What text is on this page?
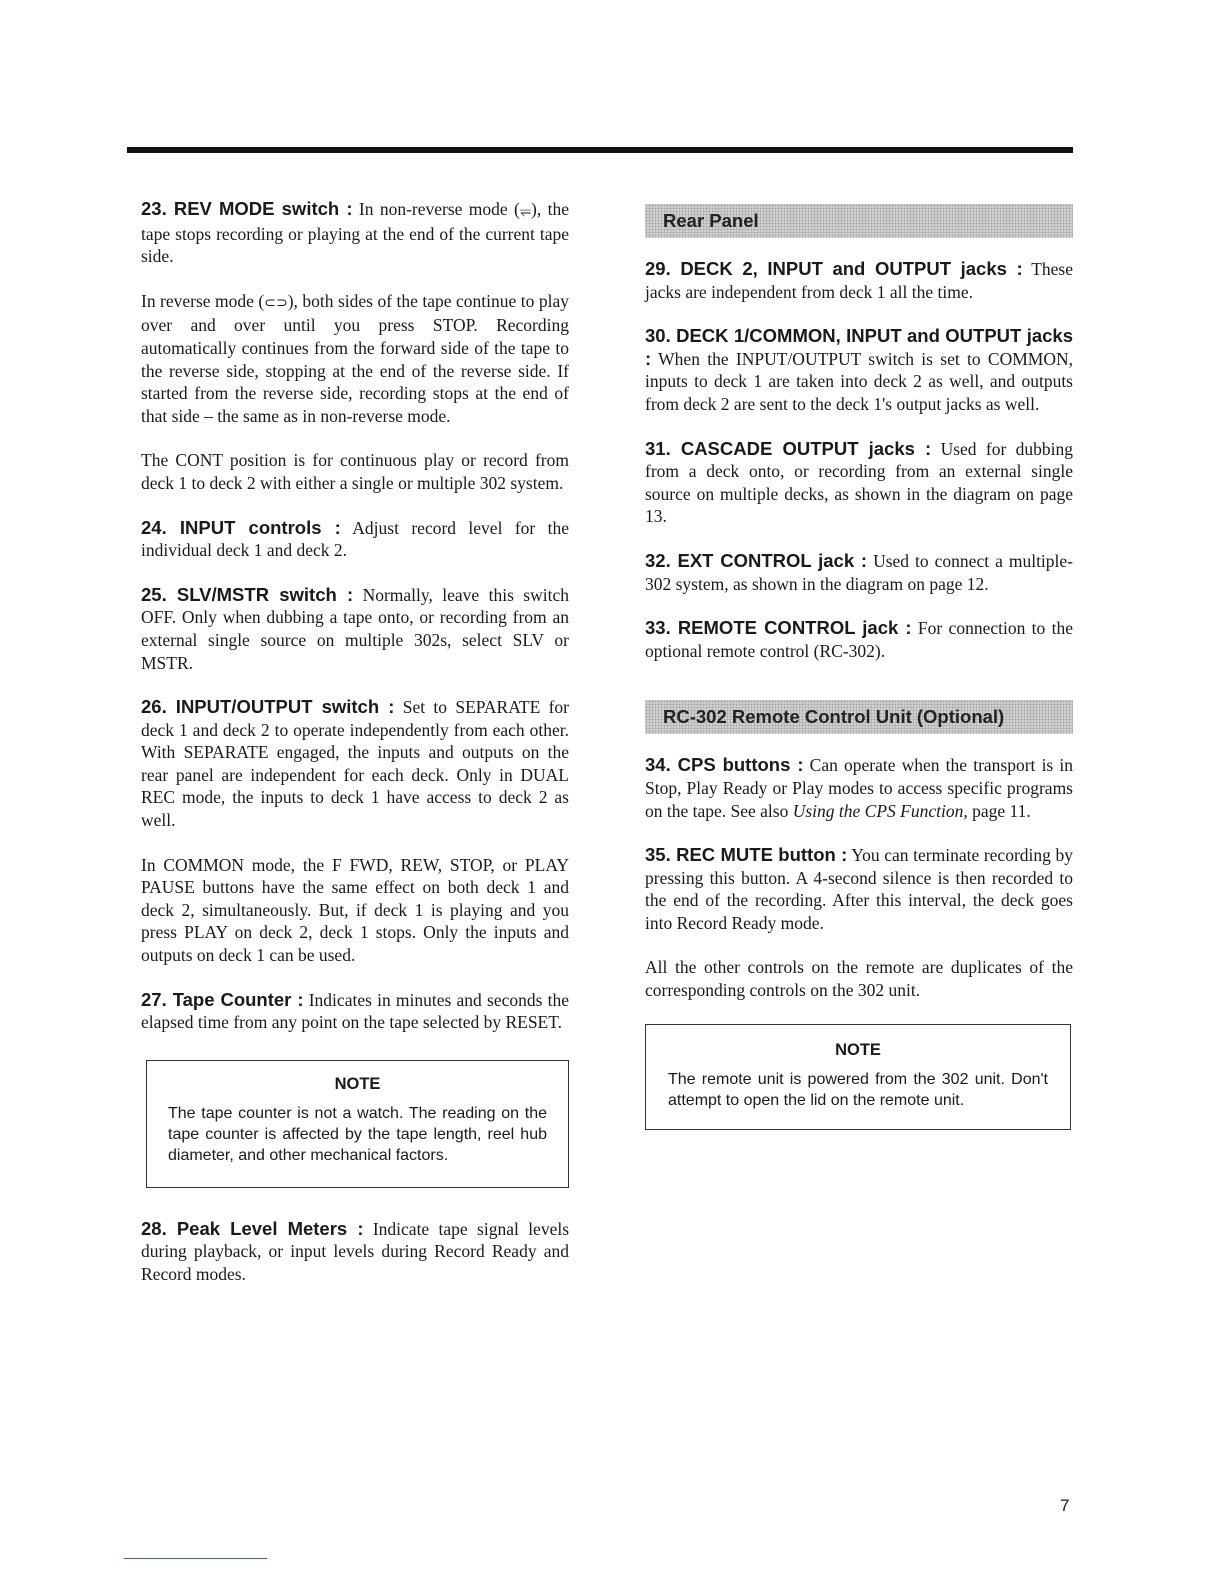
23. REV MODE switch : In non-reverse mode (⥫), the tape stops recording or playing at the end of the current tape side.

In reverse mode (⊂⊃), both sides of the tape continue to play over and over until you press STOP. Recording automatically continues from the forward side of the tape to the reverse side, stopping at the end of the reverse side. If started from the reverse side, recording stops at the end of that side – the same as in non-reverse mode.

The CONT position is for continuous play or record from deck 1 to deck 2 with either a single or multiple 302 system.

24. INPUT controls : Adjust record level for the individual deck 1 and deck 2.

25. SLV/MSTR switch : Normally, leave this switch OFF. Only when dubbing a tape onto, or recording from an external single source on multiple 302s, select SLV or MSTR.

26. INPUT/OUTPUT switch : Set to SEPARATE for deck 1 and deck 2 to operate independently from each other. With SEPARATE engaged, the inputs and outputs on the rear panel are independent for each deck. Only in DUAL REC mode, the inputs to deck 1 have access to deck 2 as well.

In COMMON mode, the F FWD, REW, STOP, or PLAY PAUSE buttons have the same effect on both deck 1 and deck 2, simultaneously. But, if deck 1 is playing and you press PLAY on deck 2, deck 1 stops. Only the inputs and outputs on deck 1 can be used.

27. Tape Counter : Indicates in minutes and seconds the elapsed time from any point on the tape selected by RESET.

NOTE

The tape counter is not a watch. The reading on the tape counter is affected by the tape length, reel hub diameter, and other mechanical factors.

28. Peak Level Meters : Indicate tape signal levels during playback, or input levels during Record Ready and Record modes.

Rear Panel

29. DECK 2, INPUT and OUTPUT jacks : These jacks are independent from deck 1 all the time.

30. DECK 1/COMMON, INPUT and OUTPUT jacks : When the INPUT/OUTPUT switch is set to COMMON, inputs to deck 1 are taken into deck 2 as well, and outputs from deck 2 are sent to the deck 1's output jacks as well.

31. CASCADE OUTPUT jacks : Used for dubbing from a deck onto, or recording from an external single source on multiple decks, as shown in the diagram on page 13.

32. EXT CONTROL jack : Used to connect a multiple-302 system, as shown in the diagram on page 12.

33. REMOTE CONTROL jack : For connection to the optional remote control (RC-302).

RC-302 Remote Control Unit (Optional)

34. CPS buttons : Can operate when the transport is in Stop, Play Ready or Play modes to access specific programs on the tape. See also Using the CPS Function, page 11.

35. REC MUTE button : You can terminate recording by pressing this button. A 4-second silence is then recorded to the end of the recording. After this interval, the deck goes into Record Ready mode.

All the other controls on the remote are duplicates of the corresponding controls on the 302 unit.

NOTE

The remote unit is powered from the 302 unit. Don't attempt to open the lid on the remote unit.

7
